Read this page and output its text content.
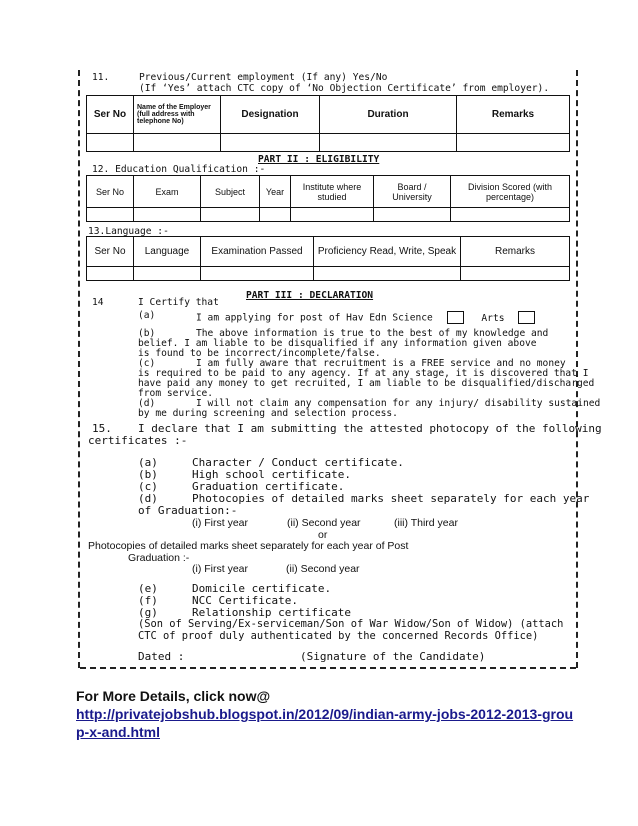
11.	Previous/Current employment (If any) Yes/No
(If ‘Yes’ attach CTC copy of ‘No Objection Certificate’ from employer).
Ser No	Name of the Employer (full address with telephone No)	Designation	Duration	Remarks

PART II : ELIGIBILITY
12. Education Qualification :-
Ser No	Exam	Subject	Year	Institute where studied	Board / University	Division Scored (with percentage)

13.Language :-
Ser No	Language	Examination Passed	Proficiency Read, Write, Speak	Remarks

PART III : DECLARATION
14	I Certify that
(a)	I am applying for post of Hav Edn Science	Arts
(b)	The above information is true to the best of my knowledge and
belief. I am liable to be disqualified if any information given above
is found to be incorrect/incomplete/false.
(c)	I am fully aware that recruitment is a FREE service and no money
is required to be paid to any agency. If at any stage, it is discovered that I
have paid any money to get recruited, I am liable to be disqualified/discharged
from service.
(d)	I will not claim any compensation for any injury/ disability sustained
by me during screening and selection process.
15. I declare that I am submitting the attested photocopy of the following
certificates :-
(a)	Character / Conduct certificate.
(b)	High school certificate.
(c)	Graduation certificate.
(d)	Photocopies of detailed marks sheet separately for each year
of Graduation:-
(i) First year	(ii) Second year	(iii) Third year
or
Photocopies of detailed marks sheet separately for each year of Post
Graduation :-
(i) First year	(ii) Second year
(e)	Domicile certificate.
(f)	NCC Certificate.
(g)	Relationship certificate
(Son of Serving/Ex-serviceman/Son of War Widow/Son of Widow) (attach
CTC of proof duly authenticated by the concerned Records Office)
Dated :	(Signature of the Candidate)
For More Details, click now@
http://privatejobshub.blogspot.in/2012/09/indian-army-jobs-2012-2013-group-x-and.html
